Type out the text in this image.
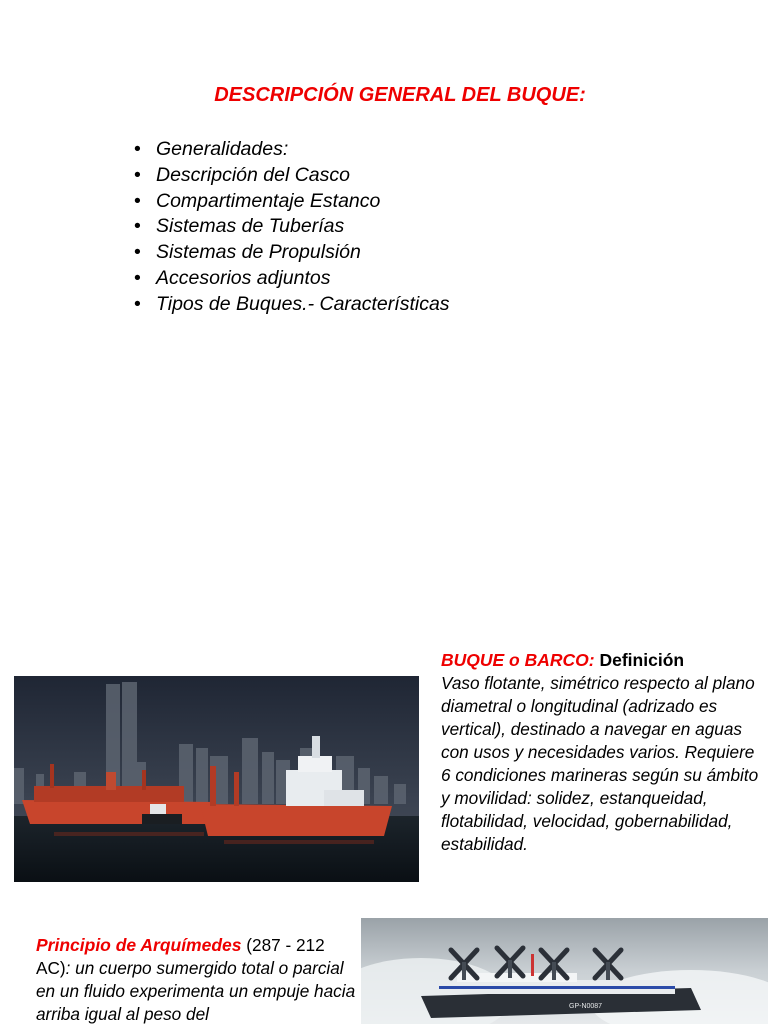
DESCRIPCIÓN GENERAL DEL BUQUE:
• Generalidades:
• Descripción del Casco
• Compartimentaje Estanco
• Sistemas de Tuberías
• Sistemas de Propulsión
• Accesorios adjuntos
• Tipos de Buques.- Características
BUQUE o BARCO: Definición
Vaso flotante, simétrico respecto al plano diametral o longitudinal (adrizado es vertical), destinado a navegar en aguas con usos y necesidades varios. Requiere 6 condiciones marineras según su ámbito y movilidad: solidez, estanqueidad, flotabilidad, velocidad, gobernabilidad, estabilidad.
Principio de Arquímedes (287 - 212 AC): un cuerpo sumergido total o parcial en un fluido experimenta un empuje hacia arriba igual al peso del	GP-N0087
